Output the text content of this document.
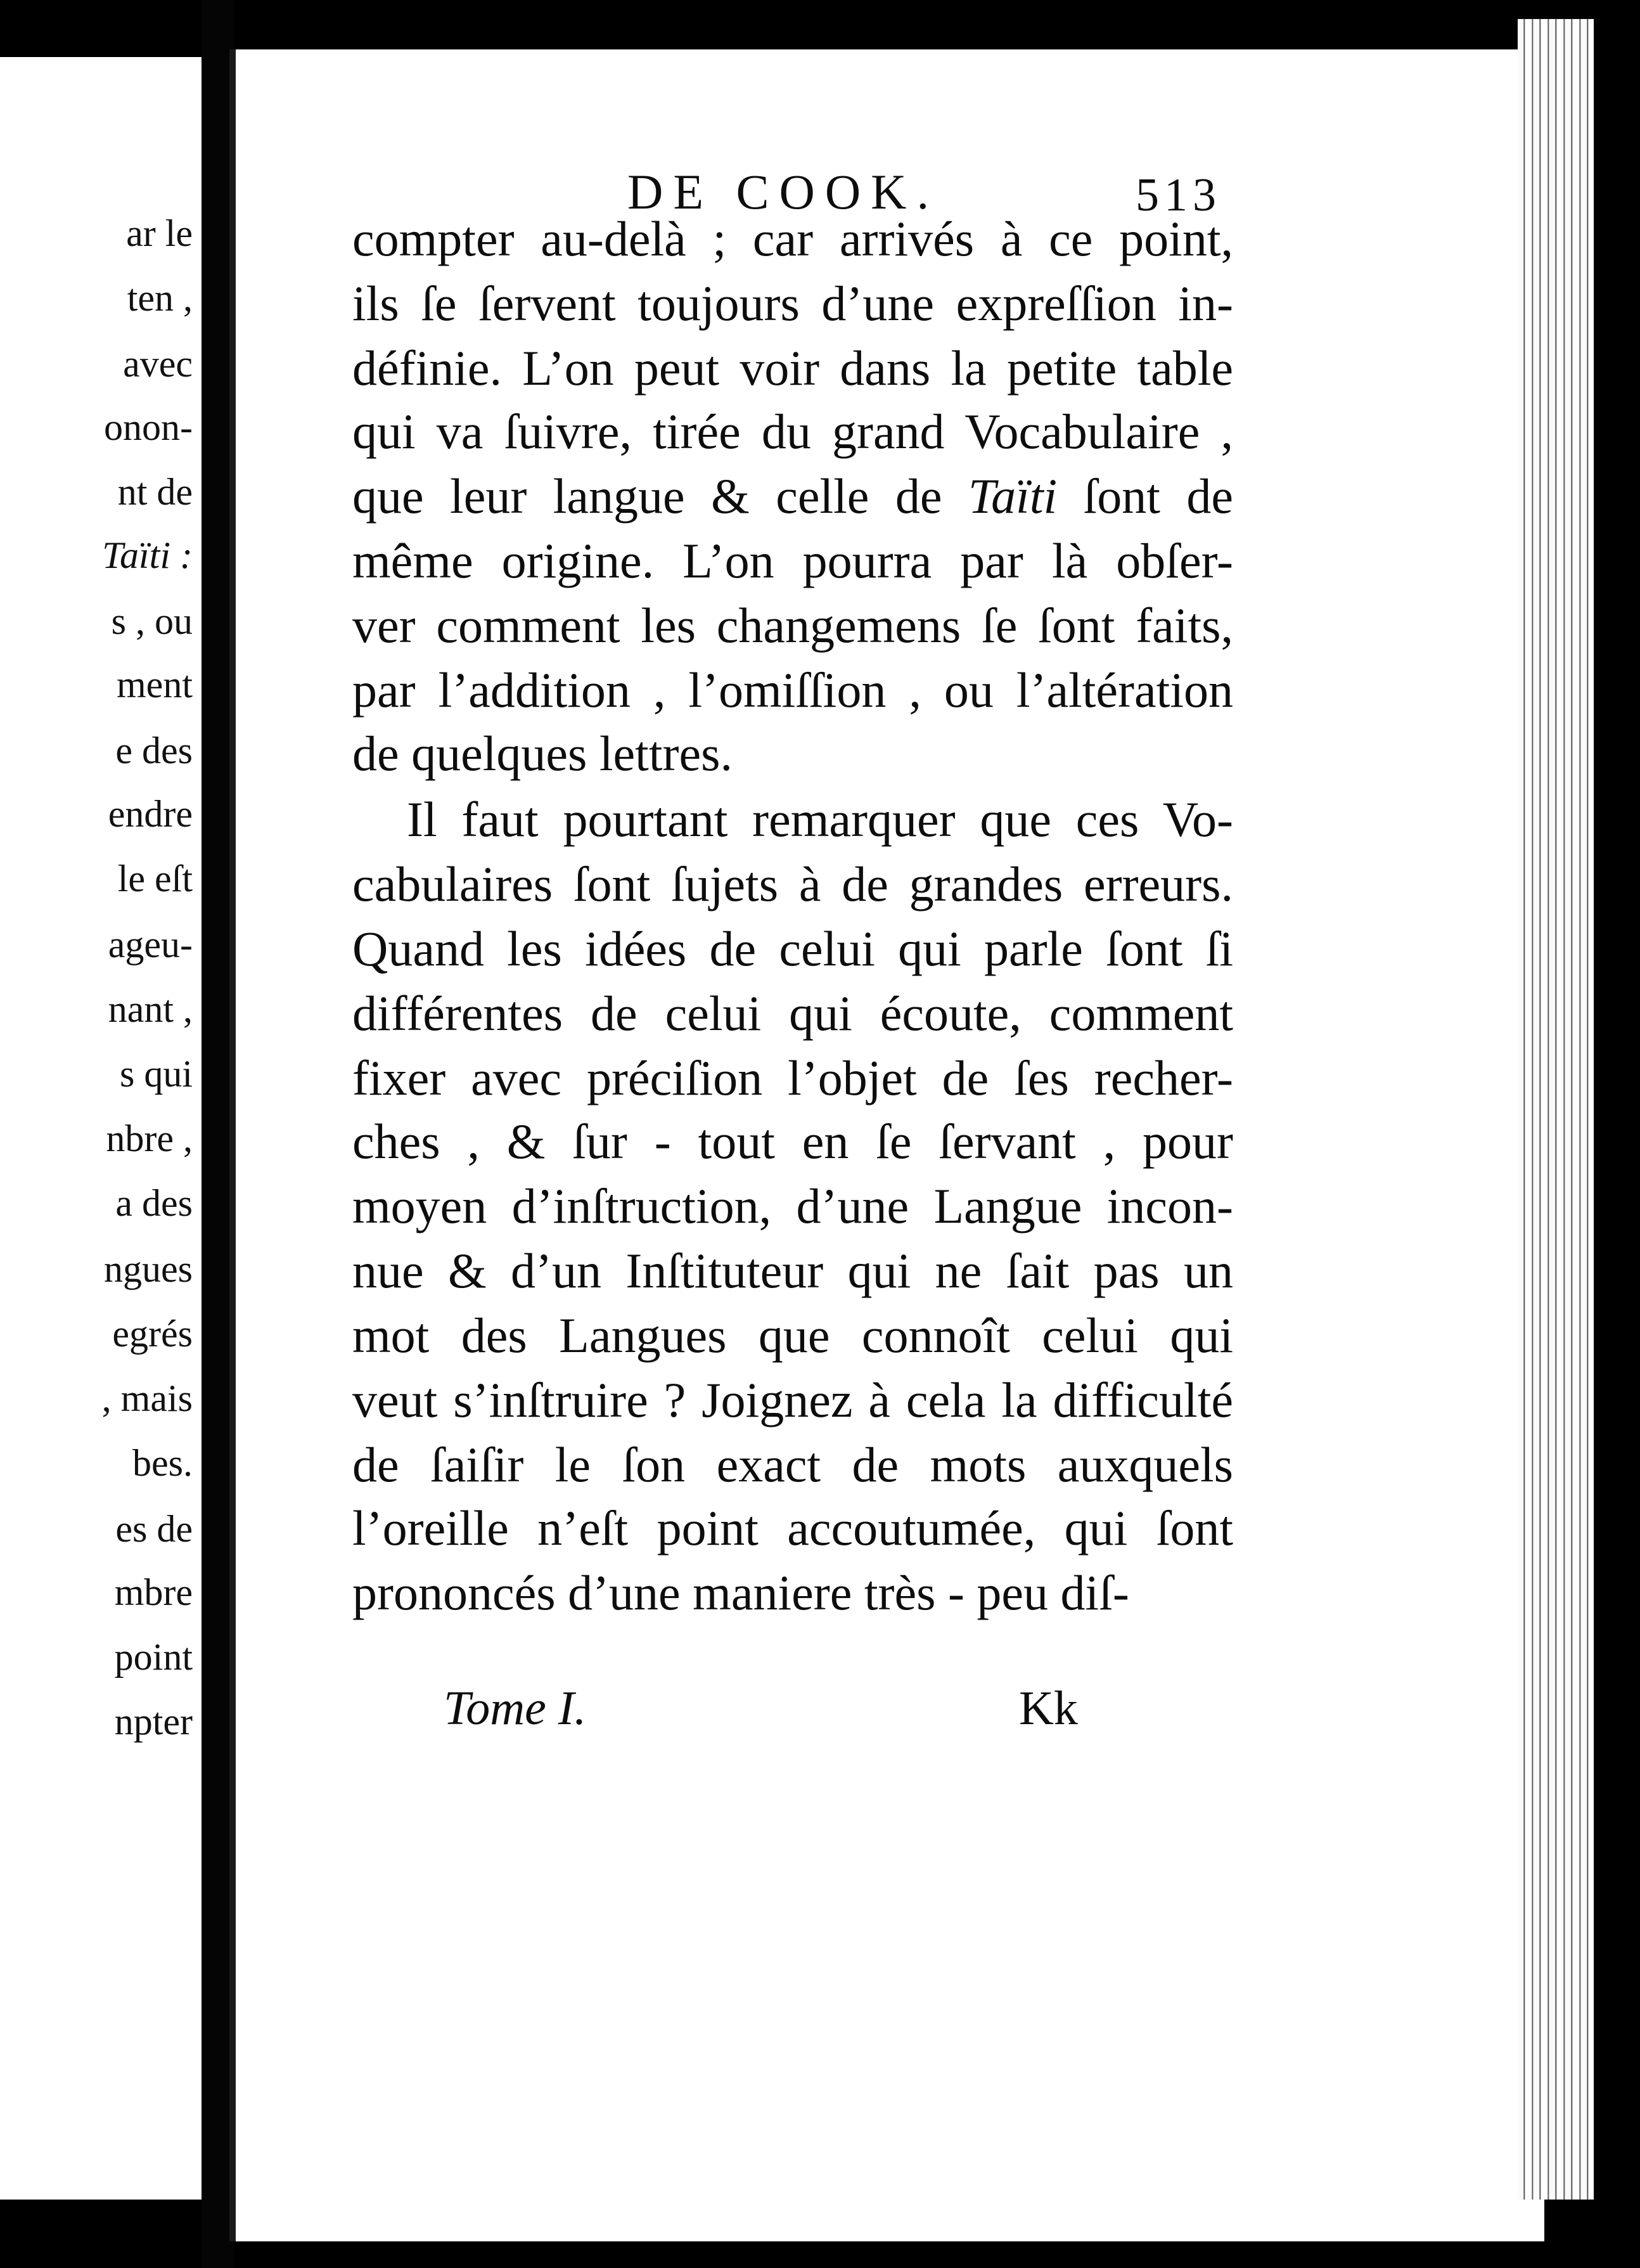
ar le
ten ,
avec
onon-
nt de
Taïti :
s , ou
ment
e des
endre
le eſt
ageu-
nant ,
s qui
nbre ,
a des
ngues
egrés
, mais
bes.
es de
mbre
point
npter
DE COOK.	513
compter au-delà ; car arrivés à ce point,
ils ſe ſervent toujours d’une expreſſion in-
définie. L’on peut voir dans la petite table
qui va ſuivre, tirée du grand Vocabulaire ,
que leur langue & celle de Taïti ſont de
même origine. L’on pourra par là obſer-
ver comment les changemens ſe ſont faits,
par l’addition , l’omiſſion , ou l’altération
de quelques lettres.
Il faut pourtant remarquer que ces Vo-
cabulaires ſont ſujets à de grandes erreurs.
Quand les idées de celui qui parle ſont ſi
différentes de celui qui écoute, comment
fixer avec préciſion l’objet de ſes recher-
ches , & ſur - tout en ſe ſervant , pour
moyen d’inſtruction, d’une Langue incon-
nue & d’un Inſtituteur qui ne ſait pas un
mot des Langues que connoît celui qui
veut s’inſtruire ? Joignez à cela la difficulté
de ſaiſir le ſon exact de mots auxquels
l’oreille n’eſt point accoutumée, qui ſont
prononcés d’une maniere très - peu diſ-
Tome I.	Kk
